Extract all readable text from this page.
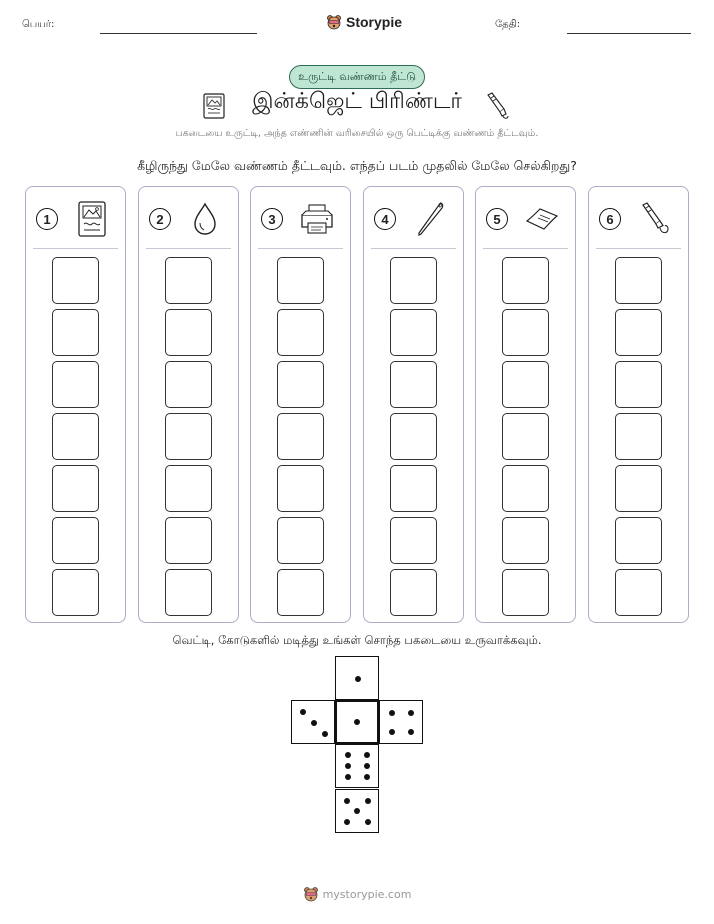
பெயர்:	Storypie	தேதி:
உருட்டி வண்ணம் தீட்டு
இன்க்ஜெட் பிரிண்டர்
பகடையை உருட்டி, அந்த எண்ணின் வரிசையில் ஒரு பெட்டிக்கு வண்ணம் தீட்டவும்.
கீழிருந்து மேலே வண்ணம் தீட்டவும். எந்தப் படம் முதலில் மேலே செல்கிறது?
1	2	3	4	5	6
வெட்டி, கோடுகளில் மடித்து உங்கள் சொந்த பகடையை உருவாக்கவும்.
mystorypie.com
